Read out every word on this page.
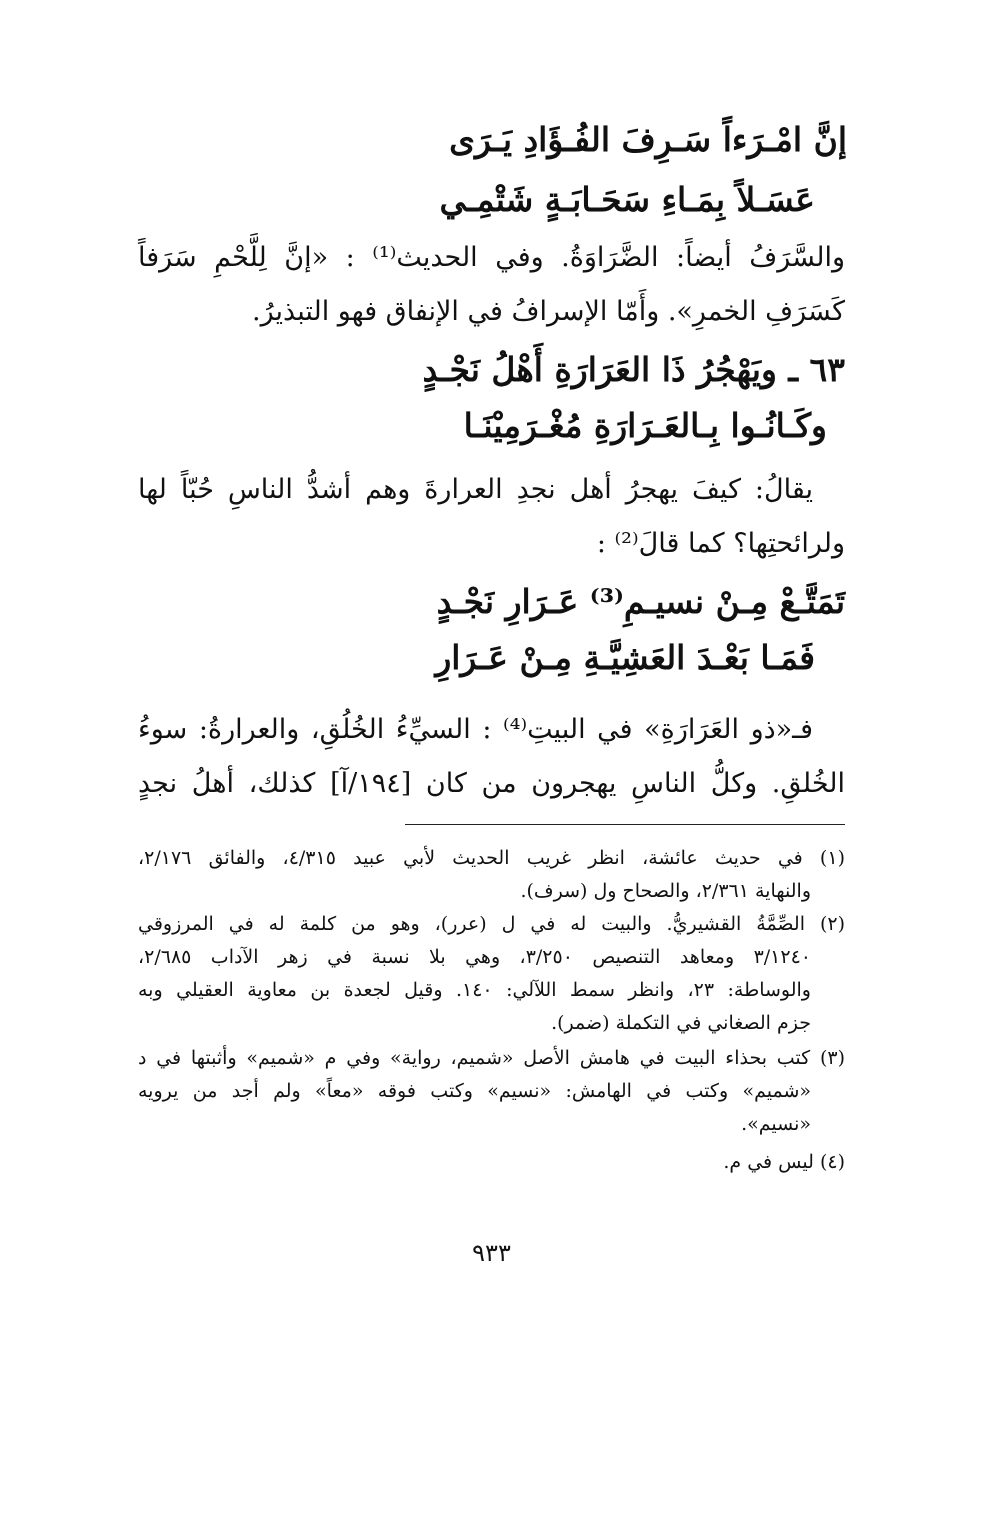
إنَّ امْـرَءاً سَـرِفَ الفُـؤَادِ يَـرَى
عَسَـلاً بِمَـاءِ سَحَـابَـةٍ شَتْمِـي
والسَّرَفُ أيضاً: الضَّرَاوَةُ. وفي الحديث⁽¹⁾ : «إنَّ لِلَّحْمِ سَرَفاً
كَسَرَفِ الخمرِ». وأَمّا الإسرافُ في الإنفاق فهو التبذيرُ.
٦٣ ـ ويَهْجُرُ ذَا العَرَارَةِ أَهْلُ نَجْـدٍ
وكَـانُـوا بِـالعَـرَارَةِ مُغْـرَمِيْنَـا
يقالُ: كيفَ يهجرُ أهل نجدِ العرارةَ وهم أشدُّ الناسِ حُبّاً لها
ولرائحتِها؟ كما قالَ⁽²⁾ :
تَمَتَّـعْ مِـنْ نسيـمِ⁽³⁾ عَـرَارِ نَجْـدٍ
فَمَـا بَعْـدَ العَشِيَّـةِ مِـنْ عَـرَارِ
فـ«ذو العَرَارَةِ» في البيتِ⁽⁴⁾ : السيِّءُ الخُلُقِ، والعرارةُ: سوءُ
الخُلقِ. وكلُّ الناسِ يهجرون من كان [١٩٤/آ] كذلك، أهلُ نجدٍ
(١) في حديث عائشة، انظر غريب الحديث لأبي عبيد ٤/٣١٥، والفائق ٢/١٧٦،
والنهاية ٢/٣٦١، والصحاح ول (سرف).
(٢) الصِّمَّةُ القشيريُّ. والبيت له في ل (عرر)، وهو من كلمة له في المرزوقي
٣/١٢٤٠ ومعاهد التنصيص ٣/٢٥٠، وهي بلا نسبة في زهر الآداب ٢/٦٨٥،
والوساطة: ٢٣، وانظر سمط اللآلي: ١٤٠. وقيل لجعدة بن معاوية العقيلي وبه
جزم الصغاني في التكملة (ضمر).
(٣) كتب بحذاء البيت في هامش الأصل «شميم، رواية» وفي م «شميم» وأثبتها في د
«شميم» وكتب في الهامش: «نسيم» وكتب فوقه «معاً» ولم أجد من يرويه
«نسيم».
(٤) ليس في م.
٩٣٣
